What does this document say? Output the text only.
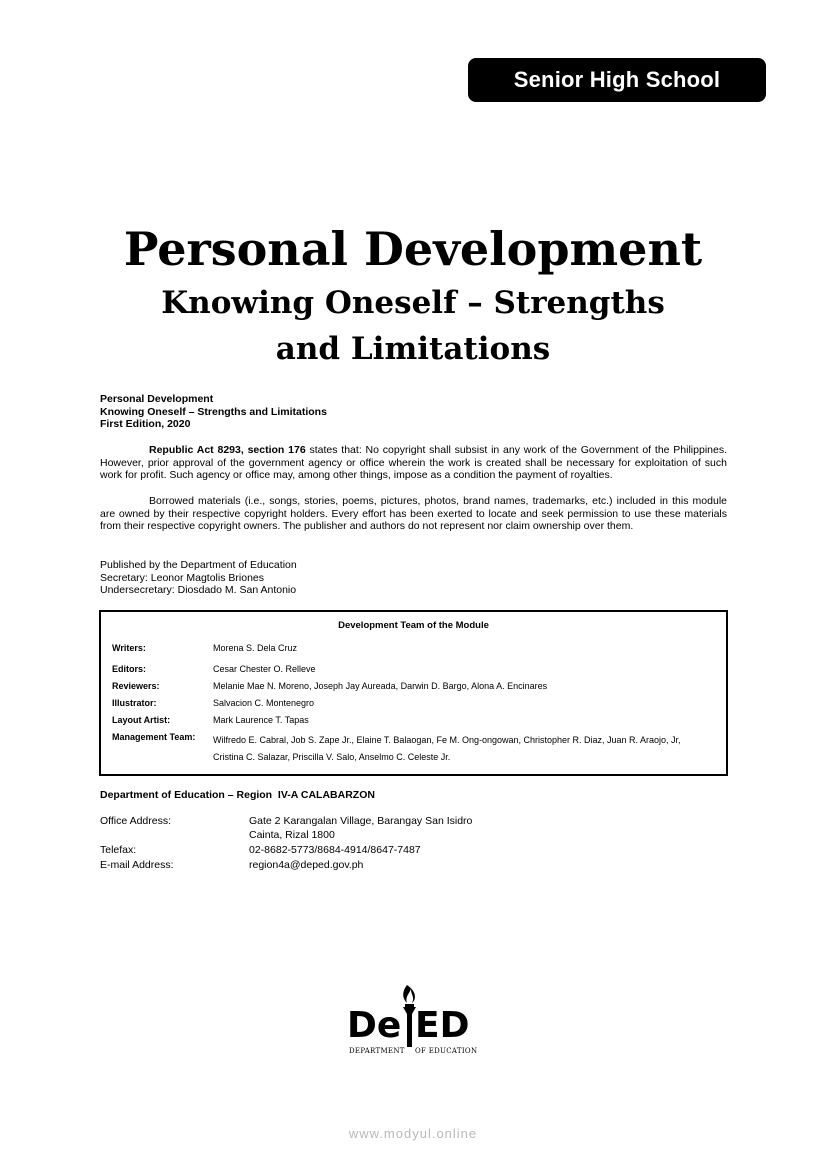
Senior High School
Personal Development
Knowing Oneself – Strengths
and Limitations
Personal Development
Knowing Oneself – Strengths and Limitations
First Edition, 2020
Republic Act 8293, section 176 states that: No copyright shall subsist in any work of the Government of the Philippines. However, prior approval of the government agency or office wherein the work is created shall be necessary for exploitation of such work for profit. Such agency or office may, among other things, impose as a condition the payment of royalties.
Borrowed materials (i.e., songs, stories, poems, pictures, photos, brand names, trademarks, etc.) included in this module are owned by their respective copyright holders. Every effort has been exerted to locate and seek permission to use these materials from their respective copyright owners. The publisher and authors do not represent nor claim ownership over them.
Published by the Department of Education
Secretary: Leonor Magtolis Briones
Undersecretary: Diosdado M. San Antonio
Development Team of the Module
Writers:	Morena S. Dela Cruz
Editors:	Cesar Chester O. Relleve
Reviewers:	Melanie Mae N. Moreno, Joseph Jay Aureada, Darwin D. Bargo, Alona A. Encinares
Illustrator:	Salvacion C. Montenegro
Layout Artist:	Mark Laurence T. Tapas
Management Team: Wilfredo E. Cabral, Job S. Zape Jr., Elaine T. Balaogan, Fe M. Ong-ongowan, Christopher R. Diaz, Juan R. Araojo, Jr, Cristina C. Salazar, Priscilla V. Salo, Anselmo C. Celeste Jr.
Department of Education – Region  IV-A CALABARZON
Office Address:	Gate 2 Karangalan Village, Barangay San Isidro
Cainta, Rizal 1800
Telefax:	02-8682-5773/8684-4914/8647-7487
E-mail Address:	region4a@deped.gov.ph
De ED
DEPARTMENT OF EDUCATION
www.modyul.online
